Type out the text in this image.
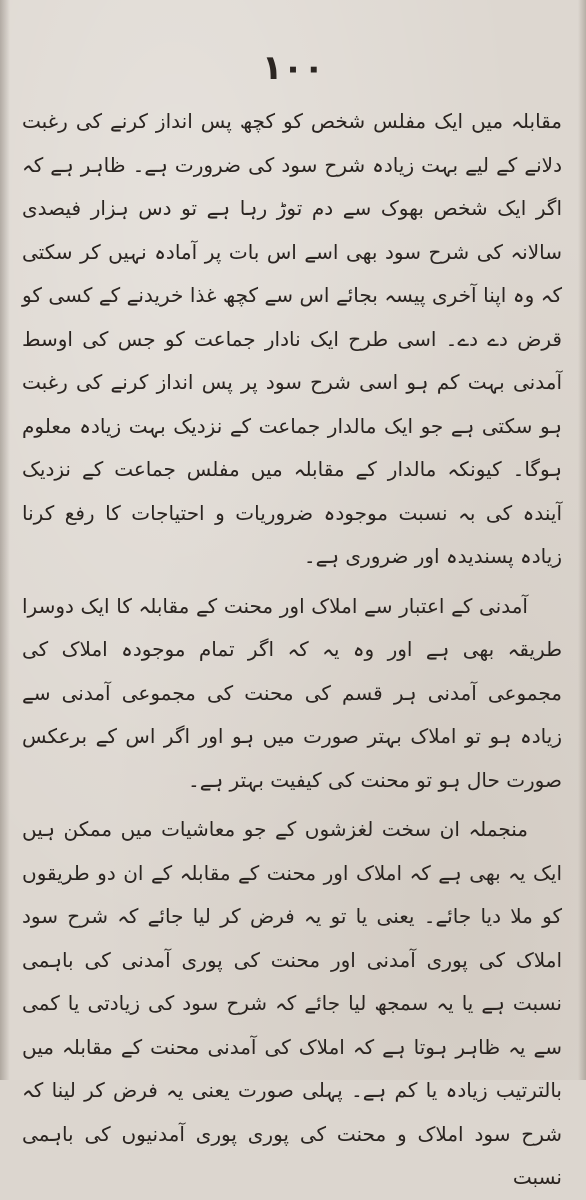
۱۰۰

مقابلہ میں ایک مفلس شخص کو کچھ پس انداز کرنے کی رغبت دلانے کے لیے بہت زیادہ شرح سود کی ضرورت ہے۔ ظاہر ہے کہ اگر ایک شخص بھوک سے دم توڑ رہا ہے تو دس ہزار فیصدی سالانہ کی شرح سود بھی اسے اس بات پر آمادہ نہیں کر سکتی کہ وہ اپنا آخری پیسہ بجائے اس سے کچھ غذا خریدنے کے کسی کو قرض دے دے۔ اسی طرح ایک نادار جماعت کو جس کی اوسط آمدنی بہت کم ہو اسی شرح سود پر پس انداز کرنے کی رغبت ہو سکتی ہے جو ایک مالدار جماعت کے نزدیک بہت زیادہ معلوم ہوگا۔ کیونکہ مالدار کے مقابلہ میں مفلس جماعت کے نزدیک آیندہ کی بہ نسبت موجودہ ضروریات و احتیاجات کا رفع کرنا زیادہ پسندیدہ اور ضروری ہے۔

آمدنی کے اعتبار سے املاک اور محنت کے مقابلہ کا ایک دوسرا طریقہ بھی ہے اور وہ یہ کہ اگر تمام موجودہ املاک کی مجموعی آمدنی ہر قسم کی محنت کی مجموعی آمدنی سے زیادہ ہو تو املاک بہتر صورت میں ہو اور اگر اس کے برعکس صورت حال ہو تو محنت کی کیفیت بہتر ہے۔

منجملہ ان سخت لغزشوں کے جو معاشیات میں ممکن ہیں ایک یہ بھی ہے کہ املاک اور محنت کے مقابلہ کے ان دو طریقوں کو ملا دیا جائے۔ یعنی یا تو یہ فرض کر لیا جائے کہ شرح سود املاک کی پوری آمدنی اور محنت کی پوری آمدنی کی باہمی نسبت ہے یا یہ سمجھ لیا جائے کہ شرح سود کی زیادتی یا کمی سے یہ ظاہر ہوتا ہے کہ املاک کی آمدنی محنت کے مقابلہ میں بالترتیب زیادہ یا کم ہے۔ پہلی صورت یعنی یہ فرض کر لینا کہ شرح سود املاک و محنت کی پوری پوری آمدنیوں کی باہمی نسبت
